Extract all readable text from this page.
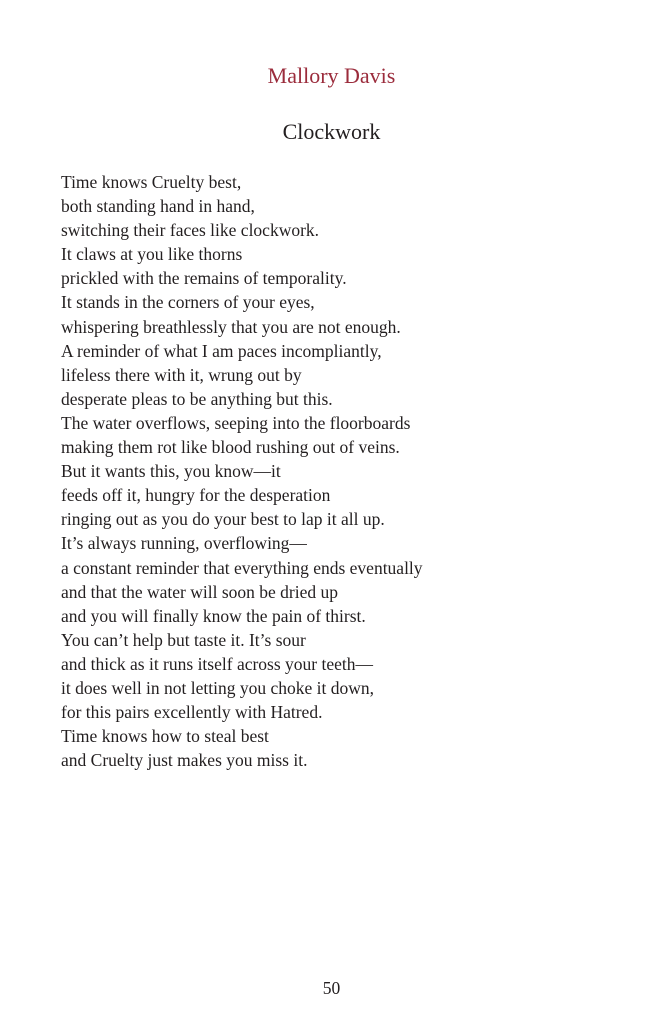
Mallory Davis
Clockwork
Time knows Cruelty best,
both standing hand in hand,
switching their faces like clockwork.
It claws at you like thorns
prickled with the remains of temporality.
It stands in the corners of your eyes,
whispering breathlessly that you are not enough.
A reminder of what I am paces incompliantly,
lifeless there with it, wrung out by
desperate pleas to be anything but this.
The water overflows, seeping into the floorboards
making them rot like blood rushing out of veins.
But it wants this, you know—it
feeds off it, hungry for the desperation
ringing out as you do your best to lap it all up.
It’s always running, overflowing—
a constant reminder that everything ends eventually
and that the water will soon be dried up
and you will finally know the pain of thirst.
You can’t help but taste it. It’s sour
and thick as it runs itself across your teeth—
it does well in not letting you choke it down,
for this pairs excellently with Hatred.
Time knows how to steal best
and Cruelty just makes you miss it.
50
